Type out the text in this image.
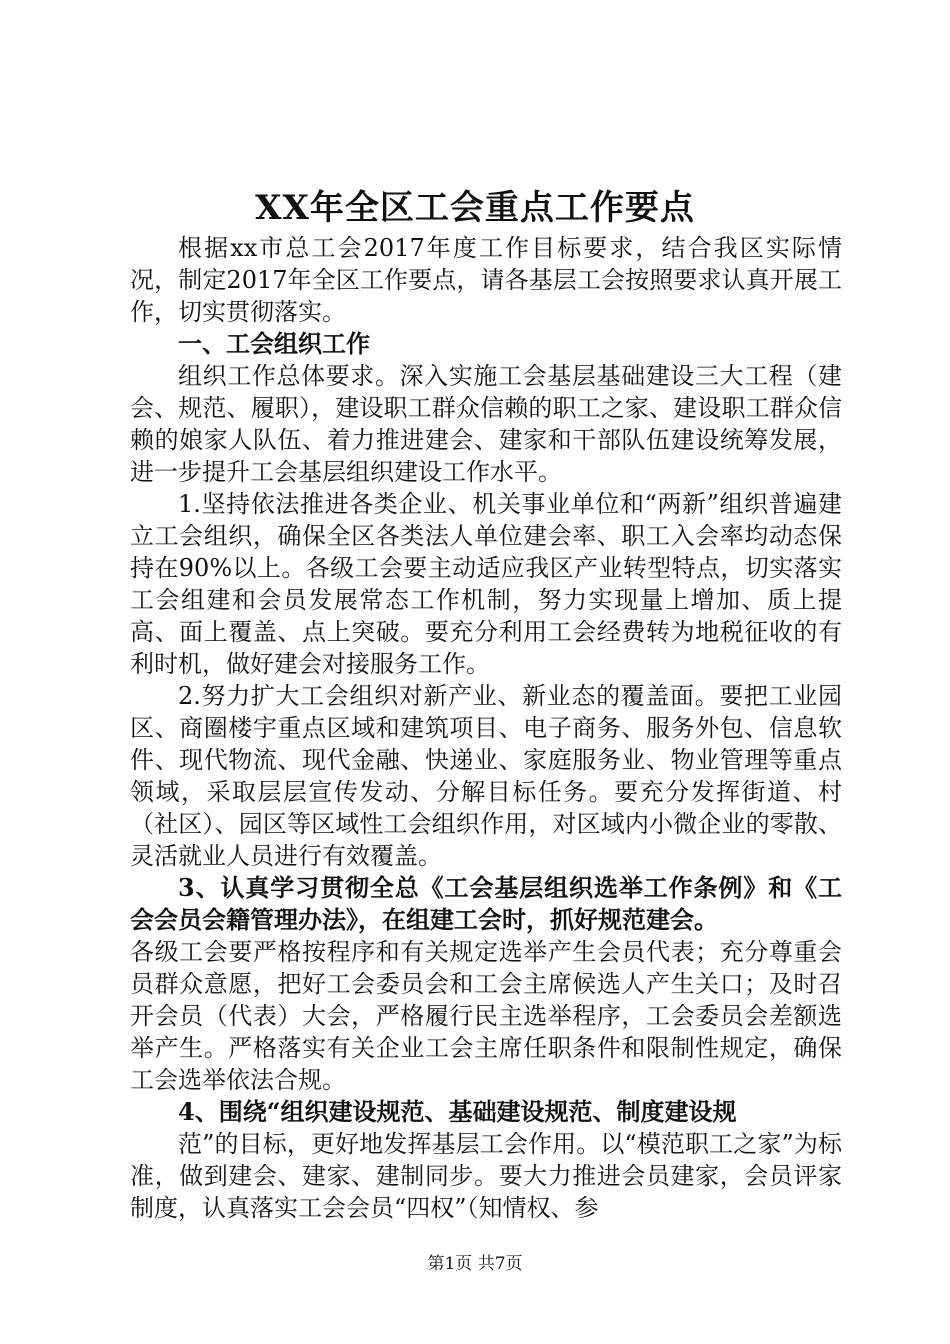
XX年全区工会重点工作要点

根据xx市总工会2017年度工作目标要求，结合我区实际情况，制定2017年全区工作要点，请各基层工会按照要求认真开展工作，切实贯彻落实。

一、工会组织工作

组织工作总体要求。深入实施工会基层基础建设三大工程（建会、规范、履职），建设职工群众信赖的职工之家、建设职工群众信赖的娘家人队伍、着力推进建会、建家和干部队伍建设统筹发展，进一步提升工会基层组织建设工作水平。

1.坚持依法推进各类企业、机关事业单位和“两新”组织普遍建立工会组织，确保全区各类法人单位建会率、职工入会率均动态保持在90%以上。各级工会要主动适应我区产业转型特点，切实落实工会组建和会员发展常态工作机制，努力实现量上增加、质上提高、面上覆盖、点上突破。要充分利用工会经费转为地税征收的有利时机，做好建会对接服务工作。

2.努力扩大工会组织对新产业、新业态的覆盖面。要把工业园区、商圈楼宇重点区域和建筑项目、电子商务、服务外包、信息软件、现代物流、现代金融、快递业、家庭服务业、物业管理等重点领域，采取层层宣传发动、分解目标任务。要充分发挥街道、村（社区）、园区等区域性工会组织作用，对区域内小微企业的零散、灵活就业人员进行有效覆盖。

3、认真学习贯彻全总《工会基层组织选举工作条例》和《工会会员会籍管理办法》，在组建工会时，抓好规范建会。

各级工会要严格按程序和有关规定选举产生会员代表；充分尊重会员群众意愿，把好工会委员会和工会主席候选人产生关口；及时召开会员（代表）大会，严格履行民主选举程序，工会委员会差额选举产生。严格落实有关企业工会主席任职条件和限制性规定，确保工会选举依法合规。

4、围绕“组织建设规范、基础建设规范、制度建设规

范”的目标，更好地发挥基层工会作用。以“模范职工之家”为标准，做到建会、建家、建制同步。要大力推进会员建家，会员评家制度，认真落实工会会员“四权”（知情权、参

第1页 共7页
